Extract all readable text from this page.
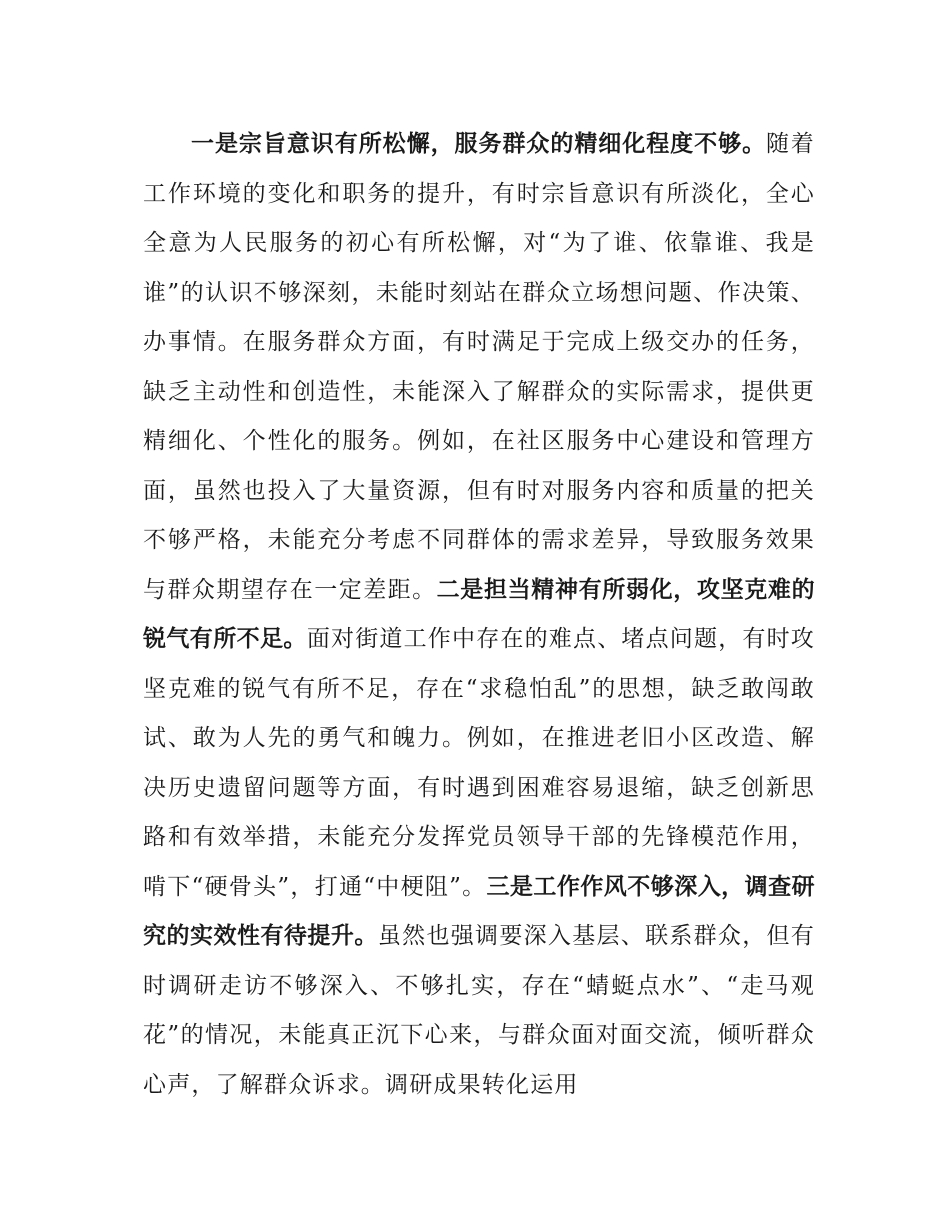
一是宗旨意识有所松懈，服务群众的精细化程度不够。随着工作环境的变化和职务的提升，有时宗旨意识有所淡化，全心全意为人民服务的初心有所松懈，对“为了谁、依靠谁、我是谁”的认识不够深刻，未能时刻站在群众立场想问题、作决策、办事情。在服务群众方面，有时满足于完成上级交办的任务，缺乏主动性和创造性，未能深入了解群众的实际需求，提供更精细化、个性化的服务。例如，在社区服务中心建设和管理方面，虽然也投入了大量资源，但有时对服务内容和质量的把关不够严格，未能充分考虑不同群体的需求差异，导致服务效果与群众期望存在一定差距。二是担当精神有所弱化，攻坚克难的锐气有所不足。面对街道工作中存在的难点、堵点问题，有时攻坚克难的锐气有所不足，存在“求稳怕乱”的思想，缺乏敢闯敢试、敢为人先的勇气和魄力。例如，在推进老旧小区改造、解决历史遗留问题等方面，有时遇到困难容易退缩，缺乏创新思路和有效举措，未能充分发挥党员领导干部的先锋模范作用，啃下“硬骨头”，打通“中梗阻”。三是工作作风不够深入，调查研究的实效性有待提升。虽然也强调要深入基层、联系群众，但有时调研走访不够深入、不够扎实，存在“蜻蜓点水”、“走马观花”的情况，未能真正沉下心来，与群众面对面交流，倾听群众心声，了解群众诉求。调研成果转化运用
